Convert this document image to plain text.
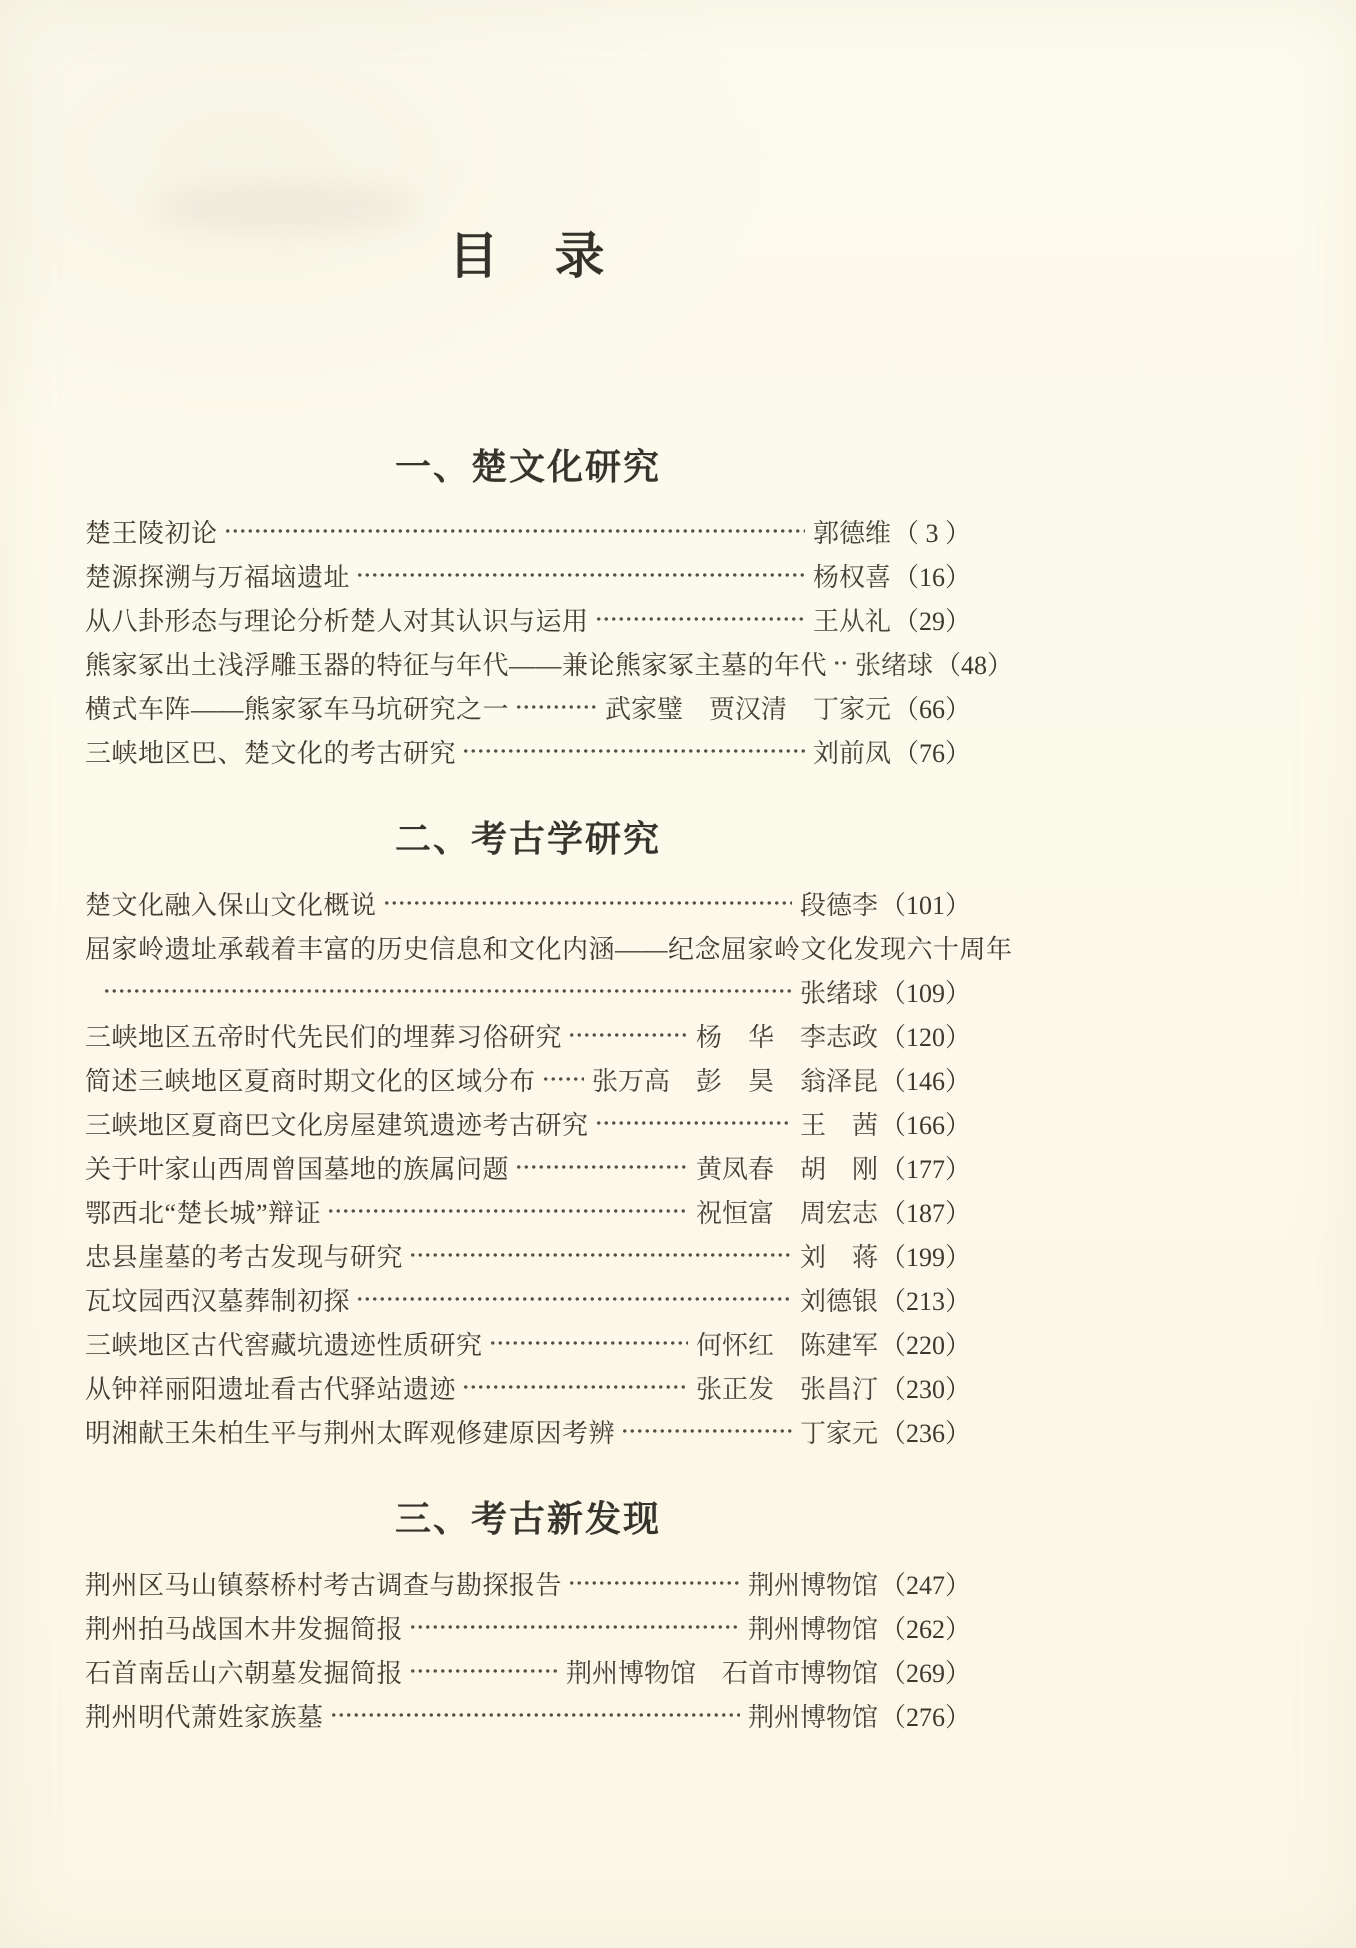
目　录
一、楚文化研究
楚王陵初论	郭德维 （ 3 ）
楚源探溯与万福垴遗址	杨权喜 （16）
从八卦形态与理论分析楚人对其认识与运用	王从礼 （29）
熊家冢出土浅浮雕玉器的特征与年代——兼论熊家冢主墓的年代 张绪球 （48）
横式车阵——熊家冢车马坑研究之一	武家璧　贾汉清　丁家元 （66）
三峡地区巴、楚文化的考古研究	刘前凤 （76）
二、考古学研究
楚文化融入保山文化概说	段德李 （101）
屈家岭遗址承载着丰富的历史信息和文化内涵——纪念屈家岭文化发现六十周年
张绪球 （109）
三峡地区五帝时代先民们的埋葬习俗研究	杨　华　李志政 （120）
简述三峡地区夏商时期文化的区域分布 张万高　彭　昊　翁泽昆 （146）
三峡地区夏商巴文化房屋建筑遗迹考古研究	王　茜 （166）
关于叶家山西周曾国墓地的族属问题	黄凤春　胡　刚 （177）
鄂西北“楚长城”辩证	祝恒富　周宏志 （187）
忠县崖墓的考古发现与研究	刘　蒋 （199）
瓦坟园西汉墓葬制初探	刘德银 （213）
三峡地区古代窖藏坑遗迹性质研究	何怀红　陈建军 （220）
从钟祥丽阳遗址看古代驿站遗迹	张正发　张昌汀 （230）
明湘献王朱柏生平与荆州太晖观修建原因考辨	丁家元 （236）
三、考古新发现
荆州区马山镇蔡桥村考古调查与勘探报告	荆州博物馆 （247）
荆州拍马战国木井发掘简报	荆州博物馆 （262）
石首南岳山六朝墓发掘简报	荆州博物馆　石首市博物馆 （269）
荆州明代萧姓家族墓	荆州博物馆 （276）
